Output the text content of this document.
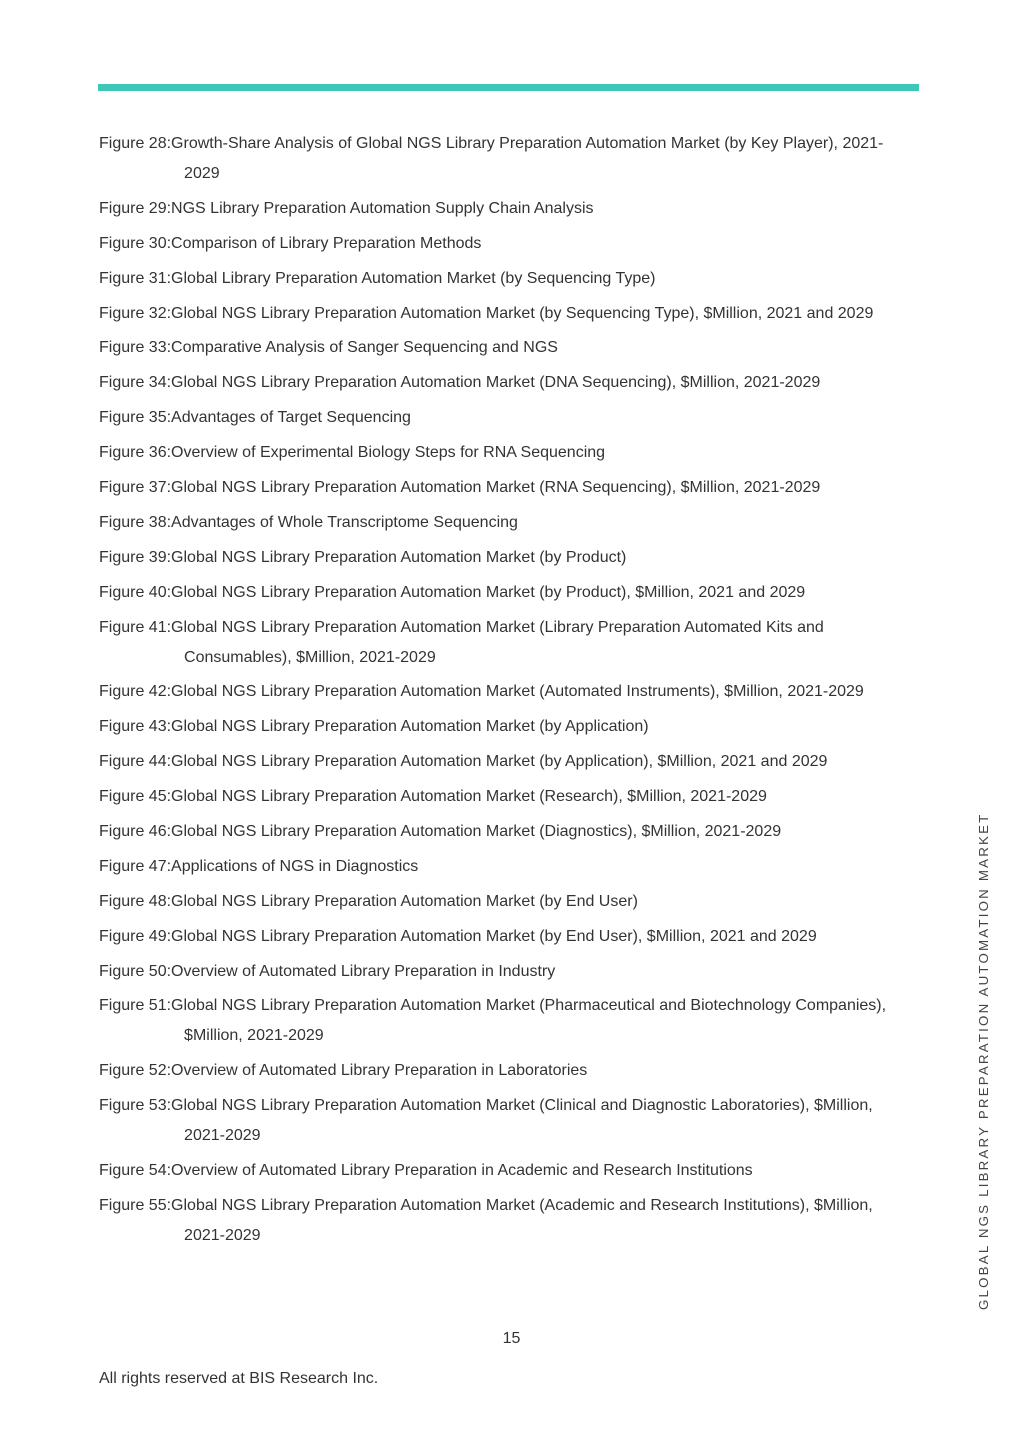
Figure 28: Growth-Share Analysis of Global NGS Library Preparation Automation Market (by Key Player), 2021-2029
Figure 29: NGS Library Preparation Automation Supply Chain Analysis
Figure 30: Comparison of Library Preparation Methods
Figure 31: Global Library Preparation Automation Market (by Sequencing Type)
Figure 32: Global NGS Library Preparation Automation Market (by Sequencing Type), $Million, 2021 and 2029
Figure 33: Comparative Analysis of Sanger Sequencing and NGS
Figure 34: Global NGS Library Preparation Automation Market (DNA Sequencing), $Million, 2021-2029
Figure 35: Advantages of Target Sequencing
Figure 36: Overview of Experimental Biology Steps for RNA Sequencing
Figure 37: Global NGS Library Preparation Automation Market (RNA Sequencing), $Million, 2021-2029
Figure 38: Advantages of Whole Transcriptome Sequencing
Figure 39: Global NGS Library Preparation Automation Market (by Product)
Figure 40: Global NGS Library Preparation Automation Market (by Product), $Million, 2021 and 2029
Figure 41: Global NGS Library Preparation Automation Market (Library Preparation Automated Kits and Consumables), $Million, 2021-2029
Figure 42: Global NGS Library Preparation Automation Market (Automated Instruments), $Million, 2021-2029
Figure 43: Global NGS Library Preparation Automation Market (by Application)
Figure 44: Global NGS Library Preparation Automation Market (by Application), $Million, 2021 and 2029
Figure 45: Global NGS Library Preparation Automation Market (Research), $Million, 2021-2029
Figure 46: Global NGS Library Preparation Automation Market (Diagnostics), $Million, 2021-2029
Figure 47: Applications of NGS in Diagnostics
Figure 48: Global NGS Library Preparation Automation Market (by End User)
Figure 49: Global NGS Library Preparation Automation Market (by End User), $Million, 2021 and 2029
Figure 50: Overview of Automated Library Preparation in Industry
Figure 51: Global NGS Library Preparation Automation Market (Pharmaceutical and Biotechnology Companies), $Million, 2021-2029
Figure 52: Overview of Automated Library Preparation in Laboratories
Figure 53: Global NGS Library Preparation Automation Market (Clinical and Diagnostic Laboratories), $Million, 2021-2029
Figure 54: Overview of Automated Library Preparation in Academic and Research Institutions
Figure 55: Global NGS Library Preparation Automation Market (Academic and Research Institutions), $Million, 2021-2029	GLOBAL NGS LIBRARY PREPARATION AUTOMATION MARKET
15
All rights reserved at BIS Research Inc.
